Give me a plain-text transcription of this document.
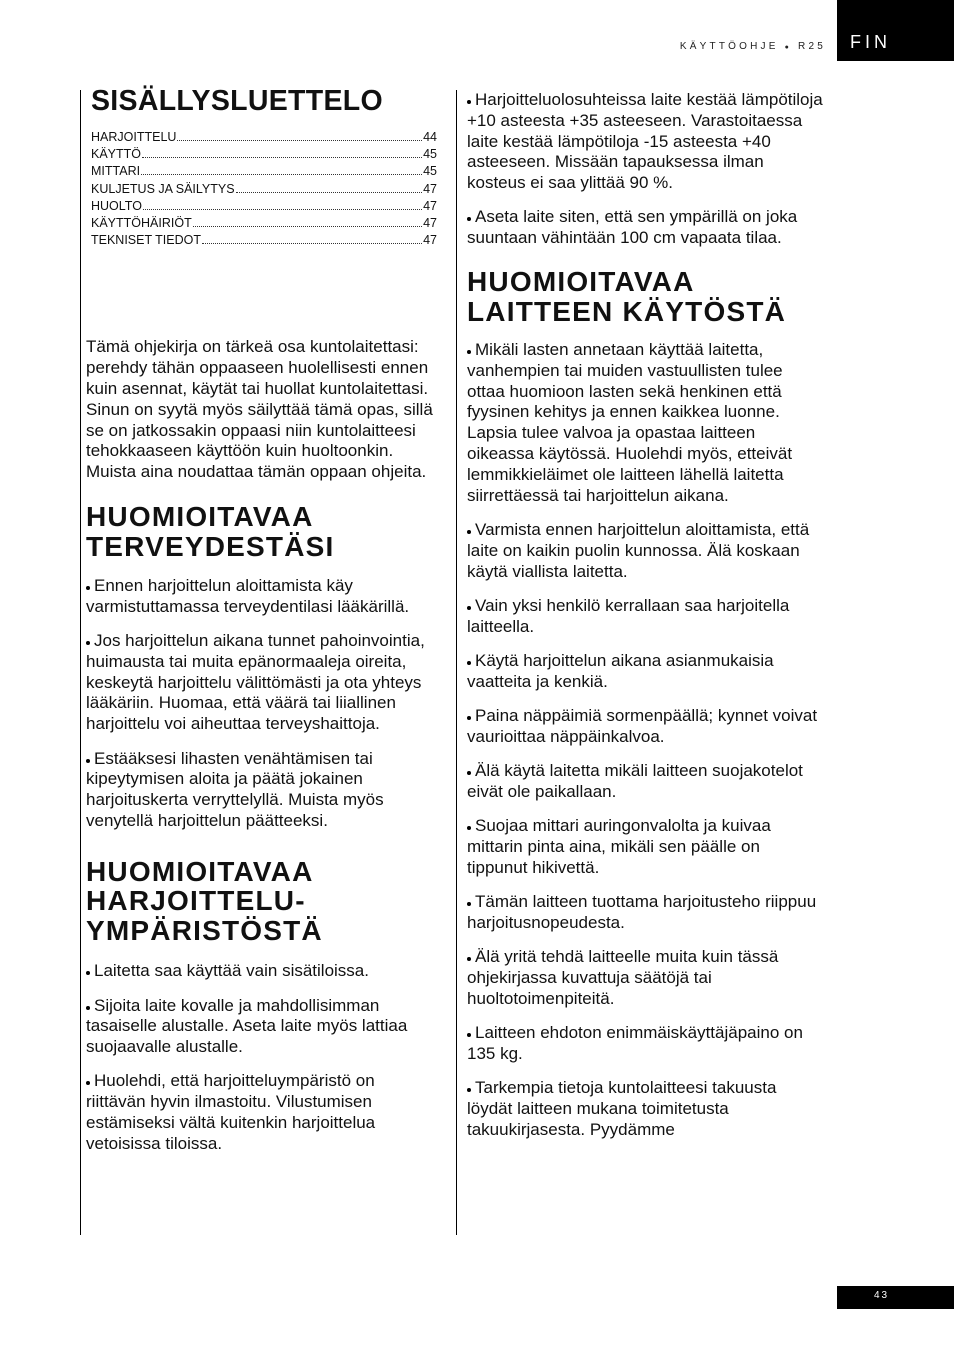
KÄYTTÖOHJE ● R25 FIN
SISÄLLYSLUETTELO
HARJOITTELU	44
KÄYTTÖ	45
MITTARI	45
KULJETUS JA SÄILYTYS	47
HUOLTO	47
KÄYTTÖHÄIRIÖT	47
TEKNISET TIEDOT	47

Tämä ohjekirja on tärkeä osa kuntolaitettasi: perehdy tähän oppaaseen huolellisesti ennen kuin asennat, käytät tai huollat kuntolaitettasi. Sinun on syytä myös säilyttää tämä opas, sillä se on jatkossakin oppaasi niin kuntolaitteesi tehokkaaseen käyttöön kuin huoltoonkin. Muista aina noudattaa tämän oppaan ohjeita.

HUOMIOITAVAA TERVEYDESTÄSI
Ennen harjoittelun aloittamista käy varmistuttamassa terveydentilasi lääkärillä.
Jos harjoittelun aikana tunnet pahoinvointia, huimausta tai muita epänormaaleja oireita, keskeytä harjoittelu välittömästi ja ota yhteys lääkäriin. Huomaa, että väärä tai liiallinen harjoittelu voi aiheuttaa terveyshaittoja.
Estääksesi lihasten venähtämisen tai kipeytymisen aloita ja päätä jokainen harjoituskerta verryttelyllä. Muista myös venytellä harjoittelun päätteeksi.
HUOMIOITAVAA HARJOITTELU-YMPÄRISTÖSTÄ
Laitetta saa käyttää vain sisätiloissa.
Sijoita laite kovalle ja mahdollisimman tasaiselle alustalle. Aseta laite myös lattiaa suojaavalle alustalle.
Huolehdi, että harjoitteluympäristö on riittävän hyvin ilmastoitu. Vilustumisen estämiseksi vältä kuitenkin harjoittelua vetoisissa tiloissa.
Harjoitteluolosuhteissa laite kestää lämpötiloja +10 asteesta +35 asteeseen. Varastoitaessa laite kestää lämpötiloja -15 asteesta +40 asteeseen. Missään tapauksessa ilman kosteus ei saa ylittää 90 %.
Aseta laite siten, että sen ympärillä on joka suuntaan vähintään 100 cm vapaata tilaa.
HUOMIOITAVAA LAITTEEN KÄYTÖSTÄ
Mikäli lasten annetaan käyttää laitetta, vanhempien tai muiden vastuullisten tulee ottaa huomioon lasten sekä henkinen että fyysinen kehitys ja ennen kaikkea luonne. Lapsia tulee valvoa ja opastaa laitteen oikeassa käytössä. Huolehdi myös, etteivät lemmikkieläimet ole laitteen lähellä laitetta siirrettäessä tai harjoittelun aikana.
Varmista ennen harjoittelun aloittamista, että laite on kaikin puolin kunnossa. Älä koskaan käytä viallista laitetta.
Vain yksi henkilö kerrallaan saa harjoitella laitteella.
Käytä harjoittelun aikana asianmukaisia vaatteita ja kenkiä.
Paina näppäimiä sormenpäällä; kynnet voivat vaurioittaa näppäinkalvoa.
Älä käytä laitetta mikäli laitteen suojakotelot eivät ole paikallaan.
Suojaa mittari auringonvalolta ja kuivaa mittarin pinta aina, mikäli sen päälle on tippunut hikivettä.
Tämän laitteen tuottama harjoitusteho riippuu harjoitusnopeudesta.
Älä yritä tehdä laitteelle muita kuin tässä ohjekirjassa kuvattuja säätöjä tai huoltotoimenpiteitä.
Laitteen ehdoton enimmäiskäyttäjäpaino on 135 kg.
Tarkempia tietoja kuntolaitteesi takuusta löydät laitteen mukana toimitetusta takuukirjasesta. Pyydämme
43
